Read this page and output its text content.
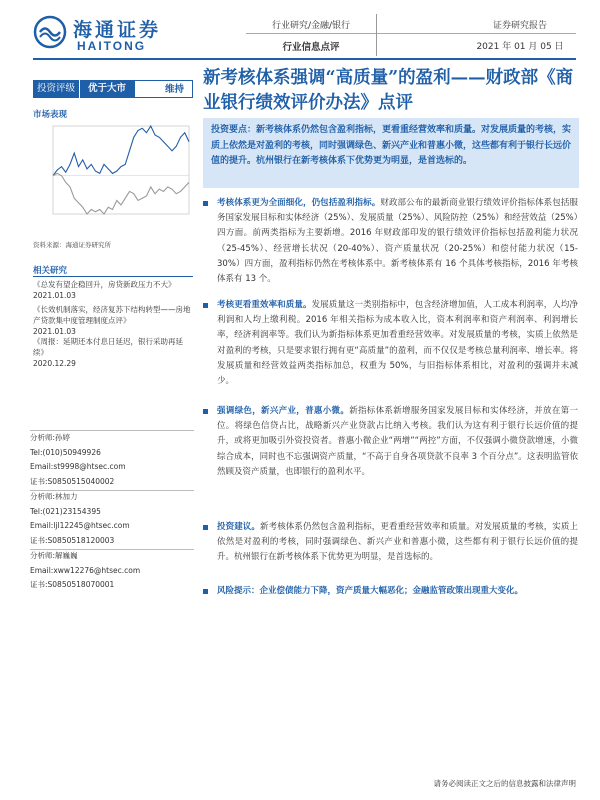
海通证券
HAITONG
行业研究/金融/银行
行业信息点评
证券研究报告
2021 年 01 月 05 日
投资评级	优于大市	维持
市场表现
资料来源：海通证券研究所
相关研究
《总发有望企稳回升，房贷新政压力不大》
2021.01.03
《长效机制落实，经济复苏下结构转型——房地产贷款集中度管理制度点评》
2021.01.03
《周报：延期还本付息日延迟，银行采助再延续》
2020.12.29
分析师:孙婷
Tel:(010)50949926
Email:st9998@htsec.com
证书:S0850515040002
分析师:林加力
Tel:(021)23154395
Email:ljl12245@htsec.com
证书:S0850518120003
分析师:解巍巍
Email:xww12276@htsec.com
证书:S0850518070001
新考核体系强调“高质量”的盈利——财政部《商业银行绩效评价办法》点评
投资要点：新考核体系仍然包含盈利指标，更看重经营效率和质量。对发展质量的考核，实质上依然是对盈利的考核，同时强调绿色、新兴产业和普惠小微，这些都有利于银行长远价值的提升。杭州银行在新考核体系下优势更为明显，是首选标的。
考核体系更为全面细化，仍包括盈利指标。财政部公布的最新商业银行绩效评价指标体系包括服务国家发展目标和实体经济（25%）、发展质量（25%）、风险防控（25%）和经营效益（25%）四方面。前两类指标为主要新增。2016 年财政部印发的银行绩效评价指标包括盈利能力状况（25-45%）、经营增长状况（20-40%）、资产质量状况（20-25%）和偿付能力状况（15-30%）四方面，盈利指标仍然在考核体系中。新考核体系有 16 个具体考核指标，2016 年考核体系有 13 个。
考核更看重效率和质量。发展质量这一类别指标中，包含经济增加值，人工成本利润率，人均净利润和人均上缴利税。2016 年相关指标为成本收入比，资本利润率和资产利润率、利润增长率，经济利润率等。我们认为新指标体系更加看重经营效率。对发展质量的考核，实质上依然是对盈利的考核，只是要求银行拥有更“高质量”的盈利，而不仅仅是考核总量利润率、增长率。将发展质量和经营效益两类指标加总，权重为 50%，与旧指标体系相比，对盈利的强调并未减少。
强调绿色，新兴产业，普惠小微。新指标体系新增服务国家发展目标和实体经济，并放在第一位。将绿色信贷占比，战略新兴产业贷款占比纳入考核。我们认为这有利于银行长远价值的提升，或将更加吸引外资投资者。普惠小微企业“两增”“两控”方面，不仅强调小微贷款增速，小微综合成本，同时也不忘强调资产质量，“不高于自身各项贷款不良率 3 个百分点”。这表明监管依然顾及资产质量，也即银行的盈利水平。
投资建议。新考核体系仍然包含盈利指标，更看重经营效率和质量。对发展质量的考核，实质上依然是对盈利的考核，同时强调绿色、新兴产业和普惠小微，这些都有利于银行长远价值的提升。杭州银行在新考核体系下优势更为明显，是首选标的。
风险提示：企业偿债能力下降，资产质量大幅恶化；金融监管政策出现重大变化。
请务必阅读正文之后的信息披露和法律声明
